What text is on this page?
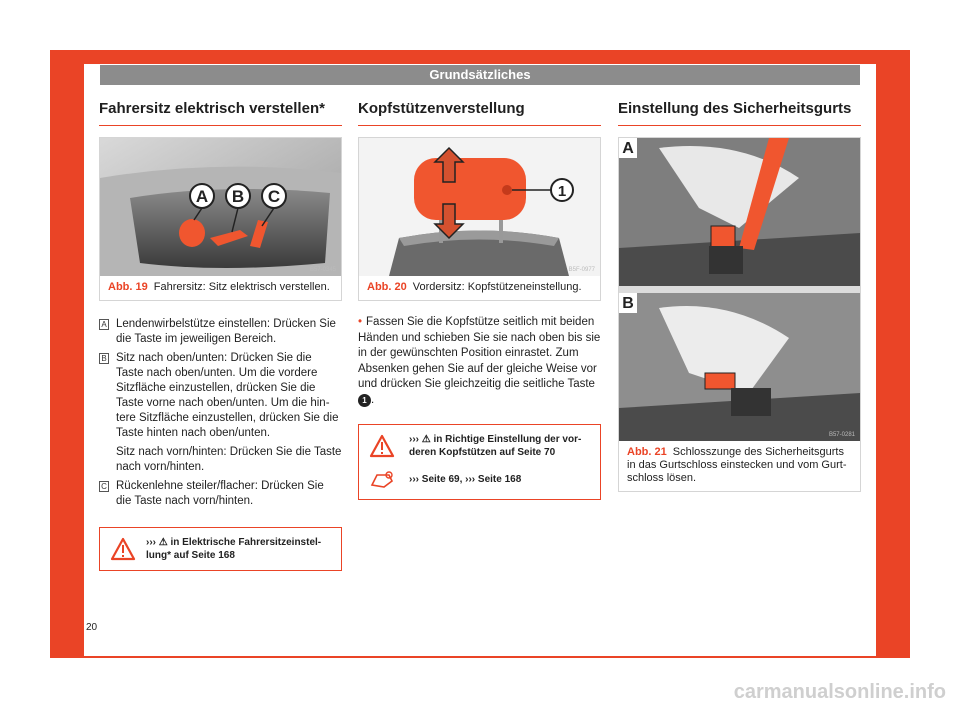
Grundsätzliches
Fahrersitz elektrisch verstellen*
A B C
B57-0345
Abb. 19 Fahrersitz: Sitz elektrisch verstellen.
A Lendenwirbelstütze einstellen: Drücken Sie die Taste im jeweiligen Bereich.
B Sitz nach oben/unten: Drücken Sie die Taste nach oben/unten. Um die vordere Sitzfläche einzustellen, drücken Sie die Taste vorne nach oben/unten. Um die hin-tere Sitzfläche einzustellen, drücken Sie die Taste hinten nach oben/unten.
Sitz nach vorn/hinten: Drücken Sie die Taste nach vorn/hinten.
C Rückenlehne steiler/flacher: Drücken Sie die Taste nach vorn/hinten.
››› ⚠ in Elektrische Fahrersitzeinstel-lung* auf Seite 168
Kopfstützenverstellung
1
B5F-0977
Abb. 20 Vordersitz: Kopfstützeneinstellung.
• Fassen Sie die Kopfstütze seitlich mit beiden Händen und schieben Sie sie nach oben bis sie in der gewünschten Position einrastet. Zum Absenken gehen Sie auf der gleiche Weise vor und drücken Sie gleichzeitig die seitliche Taste 1 .
››› ⚠ in Richtige Einstellung der vor-deren Kopfstützen auf Seite 70
››› Seite 69, ››› Seite 168
Einstellung des Sicherheitsgurts
A
B
B57-0281
Abb. 21 Schlosszunge des Sicherheitsgurts in das Gurtschloss einstecken und vom Gurt-schloss lösen.
20
carmanualsonline.info
